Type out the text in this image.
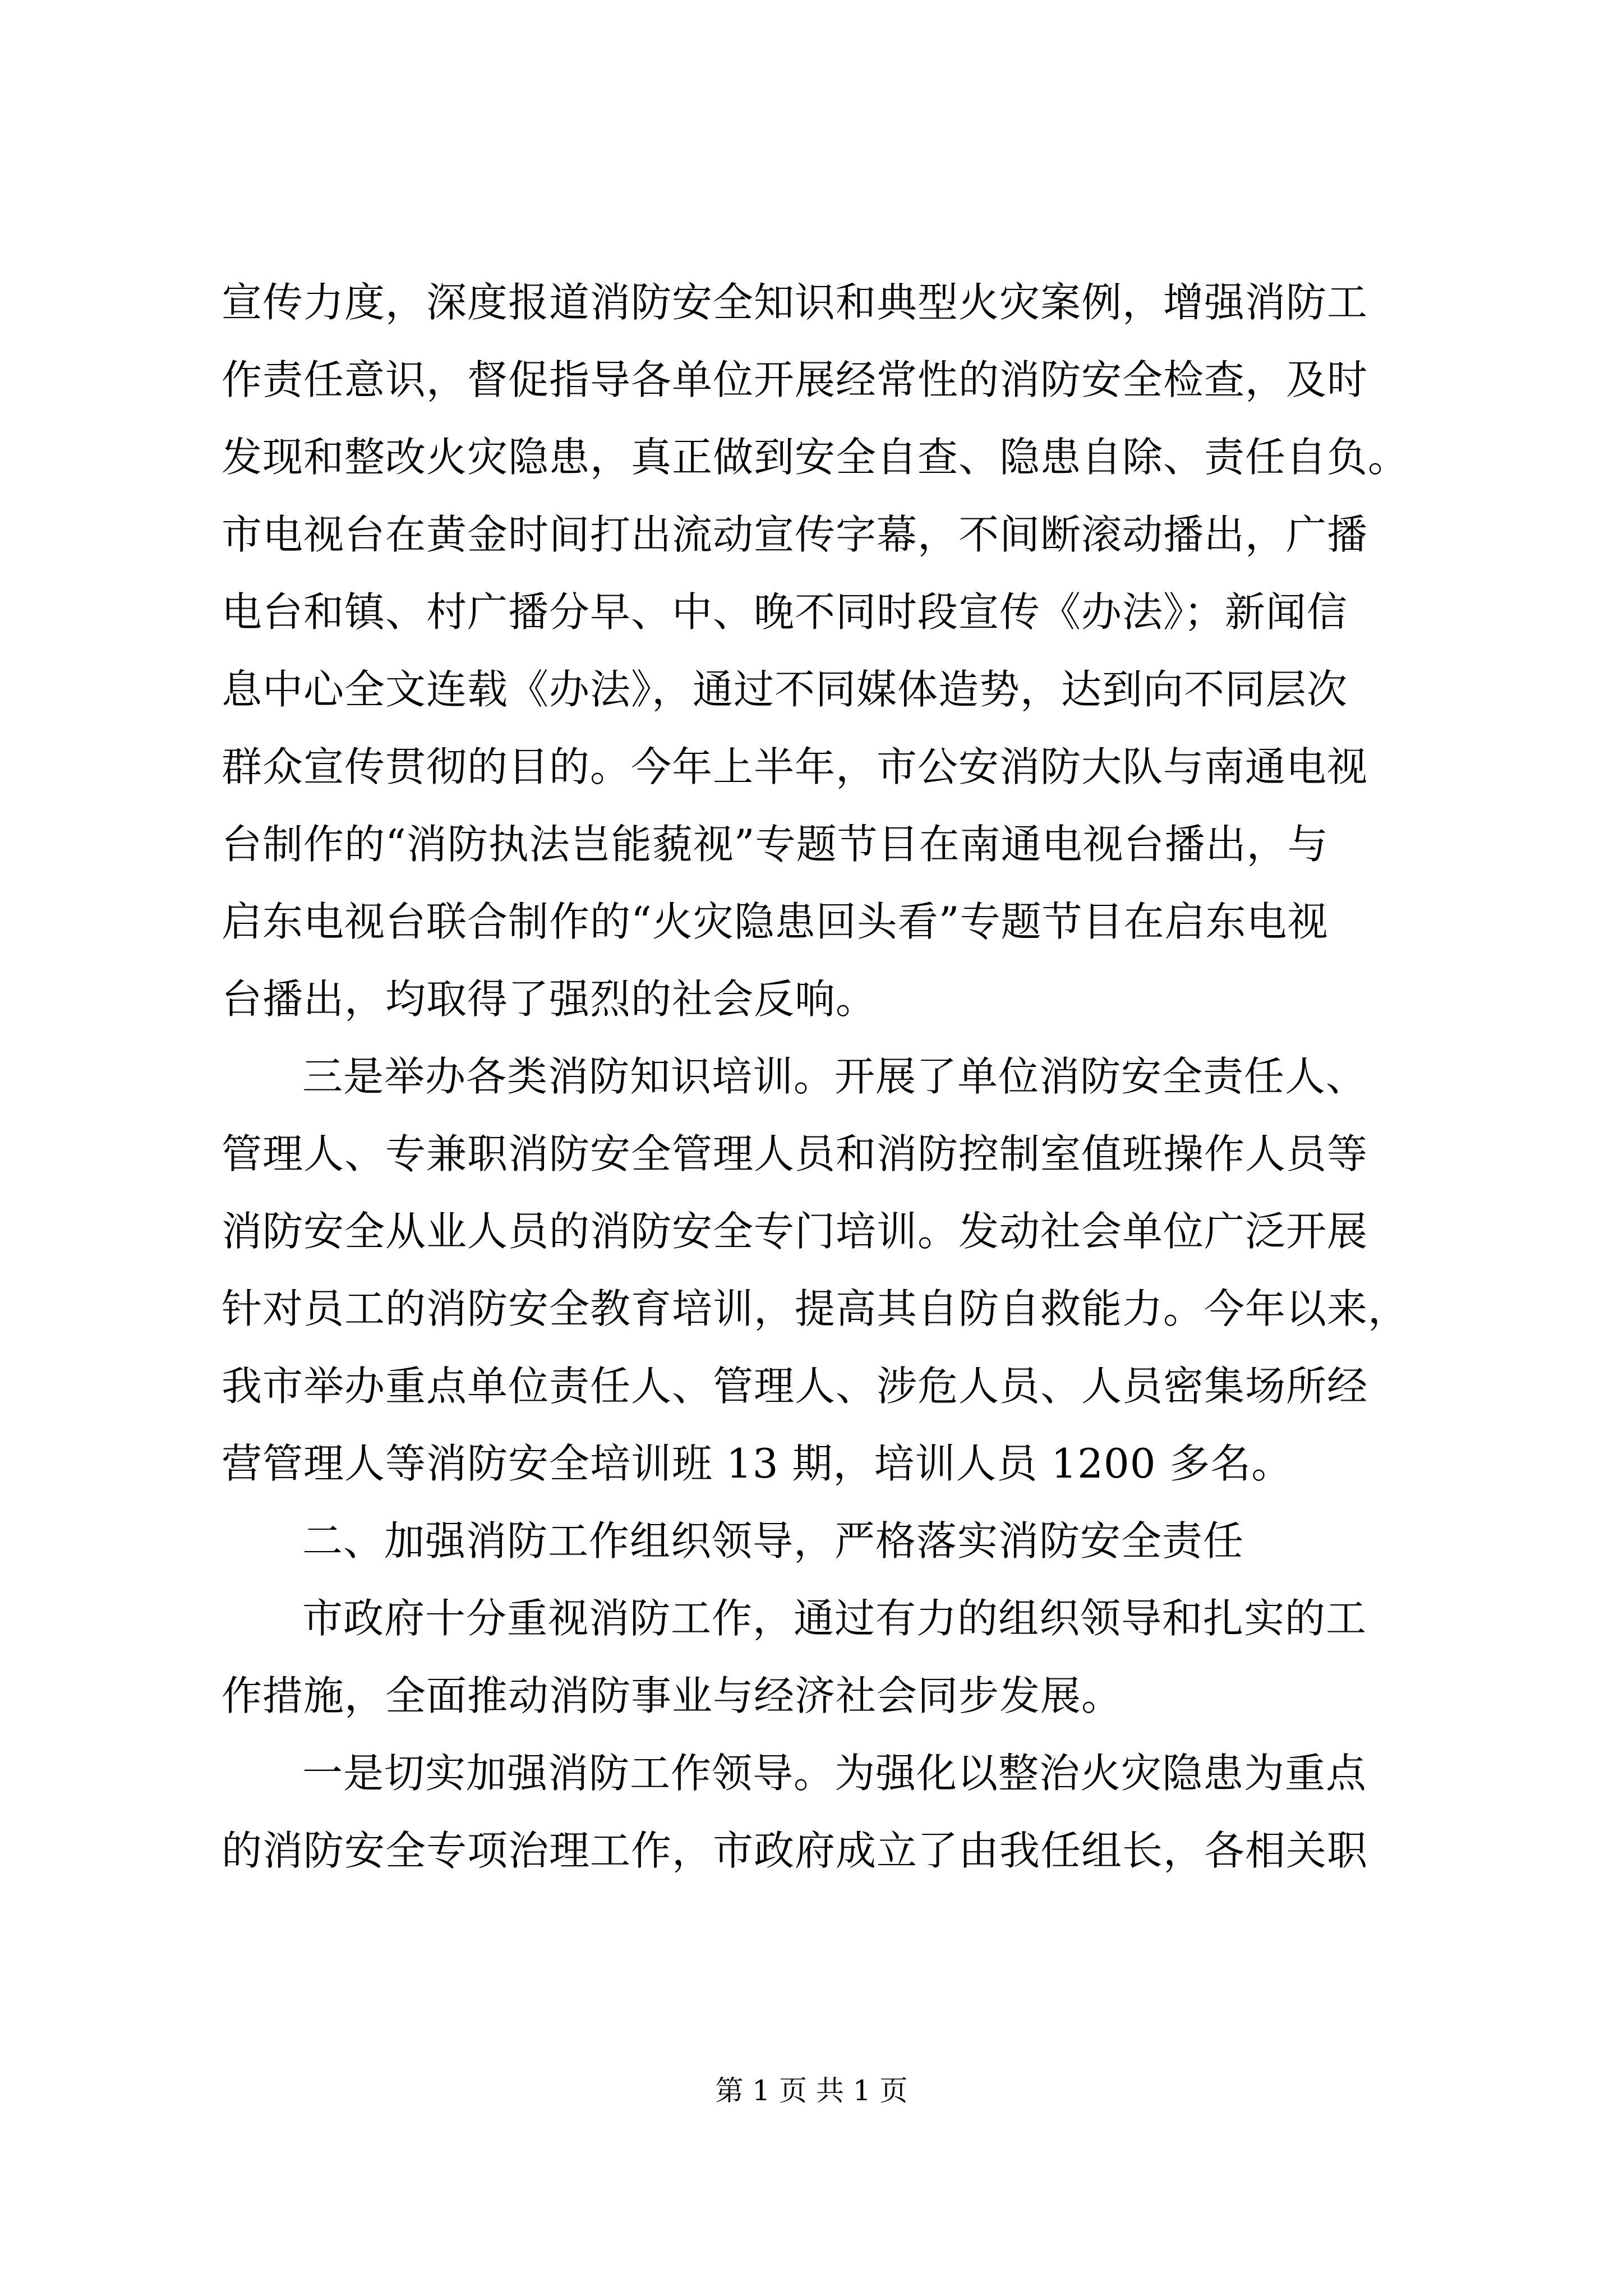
宣传力度，深度报道消防安全知识和典型火灾案例，增强消防工
作责任意识，督促指导各单位开展经常性的消防安全检查，及时
发现和整改火灾隐患，真正做到安全自查、隐患自除、责任自负。
市电视台在黄金时间打出流动宣传字幕，不间断滚动播出，广播
电台和镇、村广播分早、中、晚不同时段宣传《办法》；新闻信
息中心全文连载《办法》，通过不同媒体造势，达到向不同层次
群众宣传贯彻的目的。今年上半年，市公安消防大队与南通电视
台制作的“消防执法岂能藐视”专题节目在南通电视台播出，与
启东电视台联合制作的“火灾隐患回头看”专题节目在启东电视
台播出，均取得了强烈的社会反响。
三是举办各类消防知识培训。开展了单位消防安全责任人、
管理人、专兼职消防安全管理人员和消防控制室值班操作人员等
消防安全从业人员的消防安全专门培训。发动社会单位广泛开展
针对员工的消防安全教育培训，提高其自防自救能力。今年以来，
我市举办重点单位责任人、管理人、涉危人员、人员密集场所经
营管理人等消防安全培训班 13 期，培训人员 1200 多名。
二、加强消防工作组织领导，严格落实消防安全责任
市政府十分重视消防工作，通过有力的组织领导和扎实的工
作措施，全面推动消防事业与经济社会同步发展。
一是切实加强消防工作领导。为强化以整治火灾隐患为重点
的消防安全专项治理工作，市政府成立了由我任组长，各相关职
第 1 页 共 1 页
